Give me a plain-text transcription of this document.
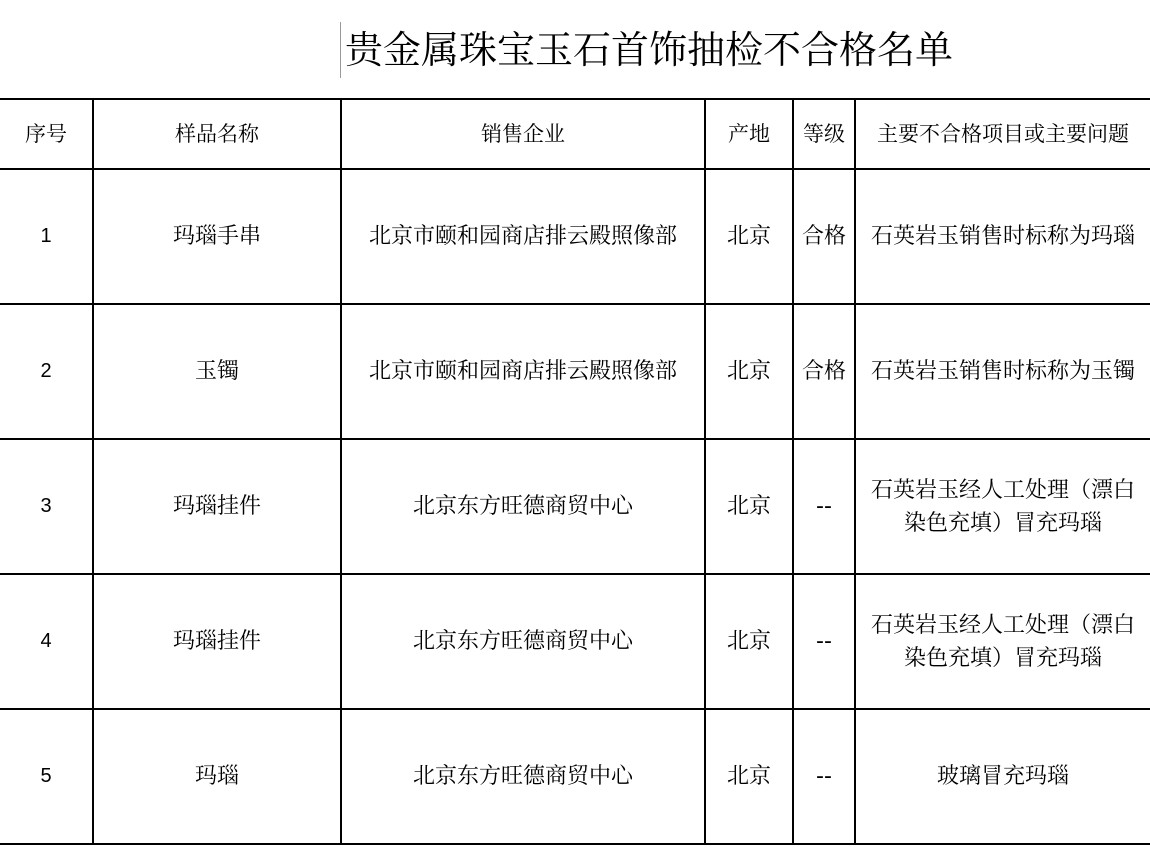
贵金属珠宝玉石首饰抽检不合格名单
序号	样品名称	销售企业	产地	等级	主要不合格项目或主要问题
1	玛瑙手串	北京市颐和园商店排云殿照像部	北京	合格	石英岩玉销售时标称为玛瑙
2	玉镯	北京市颐和园商店排云殿照像部	北京	合格	石英岩玉销售时标称为玉镯
3	玛瑙挂件	北京东方旺德商贸中心	北京	--	石英岩玉经人工处理（漂白染色充填）冒充玛瑙
4	玛瑙挂件	北京东方旺德商贸中心	北京	--	石英岩玉经人工处理（漂白染色充填）冒充玛瑙
5	玛瑙	北京东方旺德商贸中心	北京	--	玻璃冒充玛瑙
